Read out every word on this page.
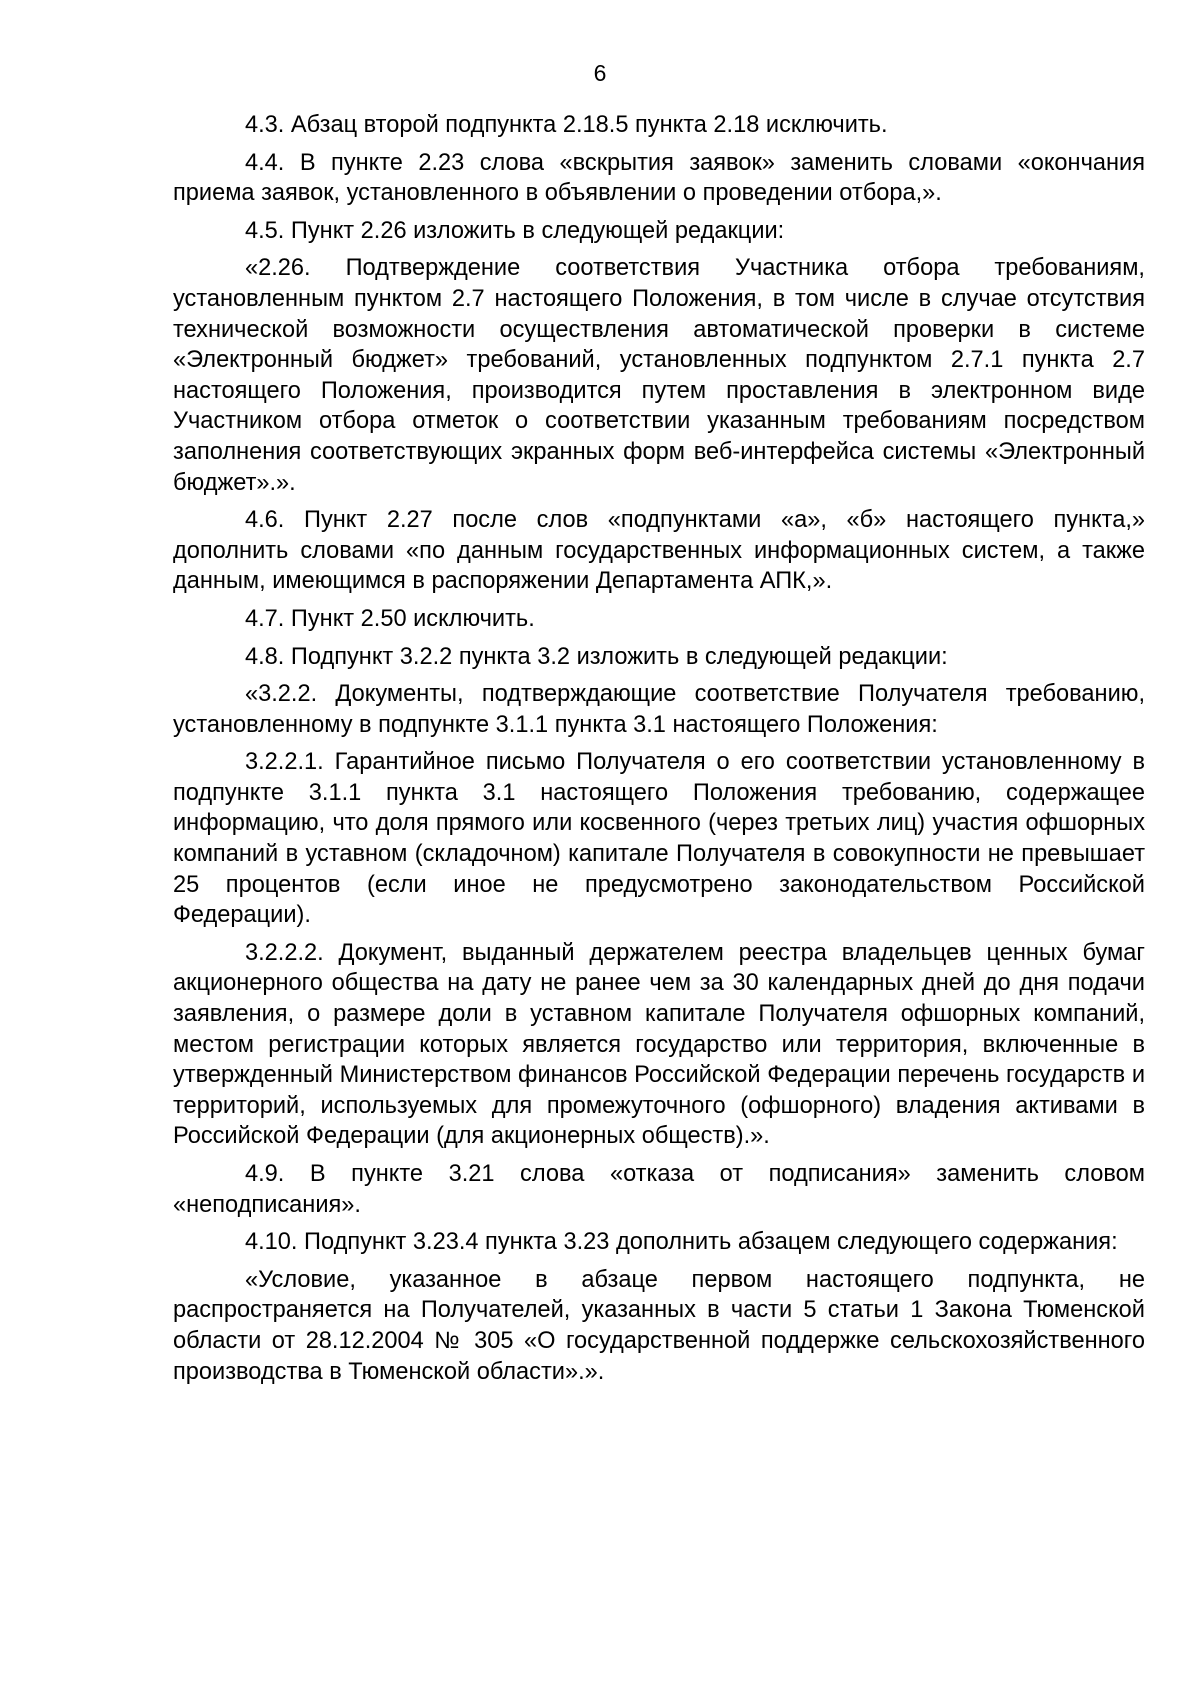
6

4.3. Абзац второй подпункта 2.18.5 пункта 2.18 исключить.

4.4. В пункте 2.23 слова «вскрытия заявок» заменить словами «окончания приема заявок, установленного в объявлении о проведении отбора,».

4.5. Пункт 2.26 изложить в следующей редакции:

«2.26. Подтверждение соответствия Участника отбора требованиям, установленным пунктом 2.7 настоящего Положения, в том числе в случае отсутствия технической возможности осуществления автоматической проверки в системе «Электронный бюджет» требований, установленных подпунктом 2.7.1 пункта 2.7 настоящего Положения, производится путем проставления в электронном виде Участником отбора отметок о соответствии указанным требованиям посредством заполнения соответствующих экранных форм веб-интерфейса системы «Электронный бюджет».».

4.6. Пункт 2.27 после слов «подпунктами «а», «б» настоящего пункта,» дополнить словами «по данным государственных информационных систем, а также данным, имеющимся в распоряжении Департамента АПК,».

4.7. Пункт 2.50 исключить.

4.8. Подпункт 3.2.2 пункта 3.2 изложить в следующей редакции:

«3.2.2. Документы, подтверждающие соответствие Получателя требованию, установленному в подпункте 3.1.1 пункта 3.1 настоящего Положения:

3.2.2.1. Гарантийное письмо Получателя о его соответствии установленному в подпункте 3.1.1 пункта 3.1 настоящего Положения требованию, содержащее информацию, что доля прямого или косвенного (через третьих лиц) участия офшорных компаний в уставном (складочном) капитале Получателя в совокупности не превышает 25 процентов (если иное не предусмотрено законодательством Российской Федерации).

3.2.2.2. Документ, выданный держателем реестра владельцев ценных бумаг акционерного общества на дату не ранее чем за 30 календарных дней до дня подачи заявления, о размере доли в уставном капитале Получателя офшорных компаний, местом регистрации которых является государство или территория, включенные в утвержденный Министерством финансов Российской Федерации перечень государств и территорий, используемых для промежуточного (офшорного) владения активами в Российской Федерации (для акционерных обществ).».

4.9. В пункте 3.21 слова «отказа от подписания» заменить словом «неподписания».

4.10. Подпункт 3.23.4 пункта 3.23 дополнить абзацем следующего содержания:

«Условие, указанное в абзаце первом настоящего подпункта, не распространяется на Получателей, указанных в части 5 статьи 1 Закона Тюменской области от 28.12.2004 № 305 «О государственной поддержке сельскохозяйственного производства в Тюменской области».».
